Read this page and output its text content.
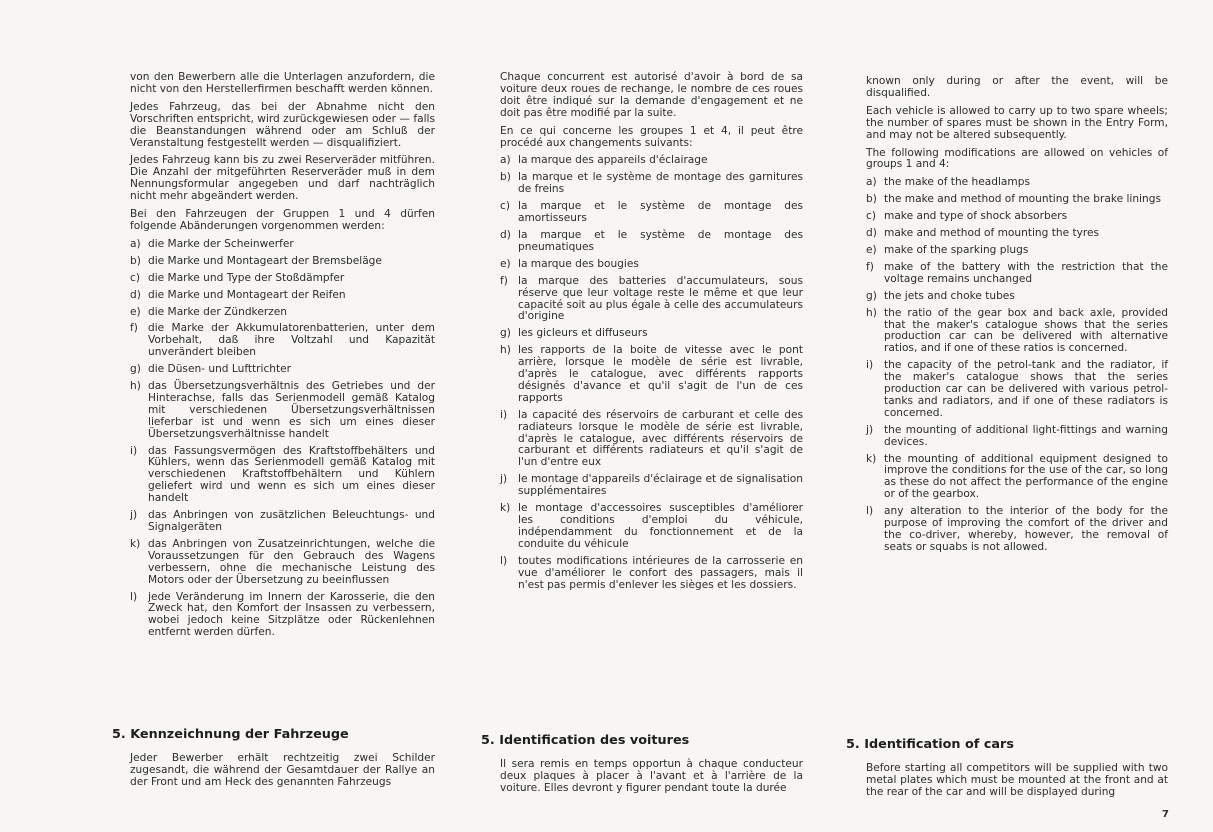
von den Bewerbern alle die Unterlagen anzufordern, die nicht von den Herstellerfirmen beschafft werden können.

Jedes Fahrzeug, das bei der Abnahme nicht den Vorschriften entspricht, wird zurückgewiesen oder — falls die Beanstandungen während oder am Schluß der Veranstaltung festgestellt werden — disqualifiziert.

Jedes Fahrzeug kann bis zu zwei Reserveräder mitführen. Die Anzahl der mitgeführten Reserveräder muß in dem Nennungsformular angegeben und darf nachträglich nicht mehr abgeändert werden.

Bei den Fahrzeugen der Gruppen 1 und 4 dürfen folgende Abänderungen vorgenommen werden:

a) die Marke der Scheinwerfer
b) die Marke und Montageart der Bremsbeläge
c) die Marke und Type der Stoßdämpfer
d) die Marke und Montageart der Reifen
e) die Marke der Zündkerzen
f) die Marke der Akkumulatorenbatterien, unter dem Vorbehalt, daß ihre Voltzahl und Kapazität unverändert bleiben
g) die Düsen- und Lufttrichter
h) das Übersetzungsverhältnis des Getriebes und der Hinterachse, falls das Serienmodell gemäß Katalog mit verschiedenen Übersetzungsverhältnissen lieferbar ist und wenn es sich um eines dieser Übersetzungsverhältnisse handelt
i)	das Fassungsvermögen des Kraftstoffbehälters und Kühlers, wenn das Serienmodell gemäß Katalog mit verschiedenen Kraftstoffbehältern und Kühlern geliefert wird und wenn es sich um eines dieser handelt
j)	das Anbringen von zusätzlichen Beleuchtungs- und Signalgeräten
k) das Anbringen von Zusatzeinrichtungen, welche die Voraussetzungen für den Gebrauch des Wagens verbessern, ohne die mechanische Leistung des Motors oder der Übersetzung zu beeinflussen
l)	jede Veränderung im Innern der Karosserie, die den Zweck hat, den Komfort der Insassen zu verbessern, wobei jedoch keine Sitzplätze oder Rückenlehnen entfernt werden dürfen.

Chaque concurrent est autorisé d'avoir à bord de sa voiture deux roues de rechange, le nombre de ces roues doit être indiqué sur la demande d'engagement et ne doit pas être modifié par la suite.

En ce qui concerne les groupes 1 et 4, il peut être procédé aux changements suivants:

a) la marque des appareils d'éclairage
b) la marque et le système de montage des garnitures de freins
c) la marque et le système de montage des amortisseurs
d) la marque et le système de montage des pneumatiques
e) la marque des bougies
f) la marque des batteries d'accumulateurs, sous réserve que leur voltage reste le même et que leur capacité soit au plus égale à celle des accumulateurs d'origine
g) les gicleurs et diffuseurs
h) les rapports de la boite de vitesse avec le pont arrière, lorsque le modèle de série est livrable, d'après le catalogue, avec différents rapports désignés d'avance et qu'il s'agit de l'un de ces rapports
i)	la capacité des réservoirs de carburant et celle des radiateurs lorsque le modèle de série est livrable, d'après le catalogue, avec différents réservoirs de carburant et différents radiateurs et qu'il s'agit de l'un d'entre eux
j)	le montage d'appareils d'éclairage et de signalisation supplémentaires
k) le montage d'accessoires susceptibles d'améliorer les conditions d'emploi du véhicule, indépendamment du fonctionnement et de la conduite du véhicule
l)	toutes modifications intérieures de la carrosserie en vue d'améliorer le confort des passagers, mais il n'est pas permis d'enlever les sièges et les dossiers.

known only during or after the event, will be disqualified.

Each vehicle is allowed to carry up to two spare wheels; the number of spares must be shown in the Entry Form, and may not be altered subsequently.

The following modifications are allowed on vehicles of groups 1 and 4:

a) the make of the headlamps
b) the make and method of mounting the brake linings
c) make and type of shock absorbers
d) make and method of mounting the tyres
e) make of the sparking plugs
f) make of the battery with the restriction that the voltage remains unchanged
g) the jets and choke tubes
h) the ratio of the gear box and back axle, provided that the maker's catalogue shows that the series production car can be delivered with alternative ratios, and if one of these ratios is concerned.
i)	the capacity of the petrol-tank and the radiator, if the maker's catalogue shows that the series production car can be delivered with various petrol-tanks and radiators, and if one of these radiators is concerned.
j)	the mounting of additional light-fittings and warning devices.
k) the mounting of additional equipment designed to improve the conditions for the use of the car, so long as these do not affect the performance of the engine or of the gearbox.
l)	any alteration to the interior of the body for the purpose of improving the comfort of the driver and the co-driver, whereby, however, the removal of seats or squabs is not allowed.
5. Kennzeichnung der Fahrzeuge	5. Identification des voitures	5. Identification of cars

Jeder Bewerber erhält rechtzeitig zwei Schilder zugesandt, die während der Gesamtdauer der Rallye an der Front und am Heck des genannten Fahrzeugs

Il sera remis en temps opportun à chaque conducteur deux plaques à placer à l'avant et à l'arrière de la voiture. Elles devront y figurer pendant toute la durée

Before starting all competitors will be supplied with two metal plates which must be mounted at the front and at the rear of the car and will be displayed during

7
